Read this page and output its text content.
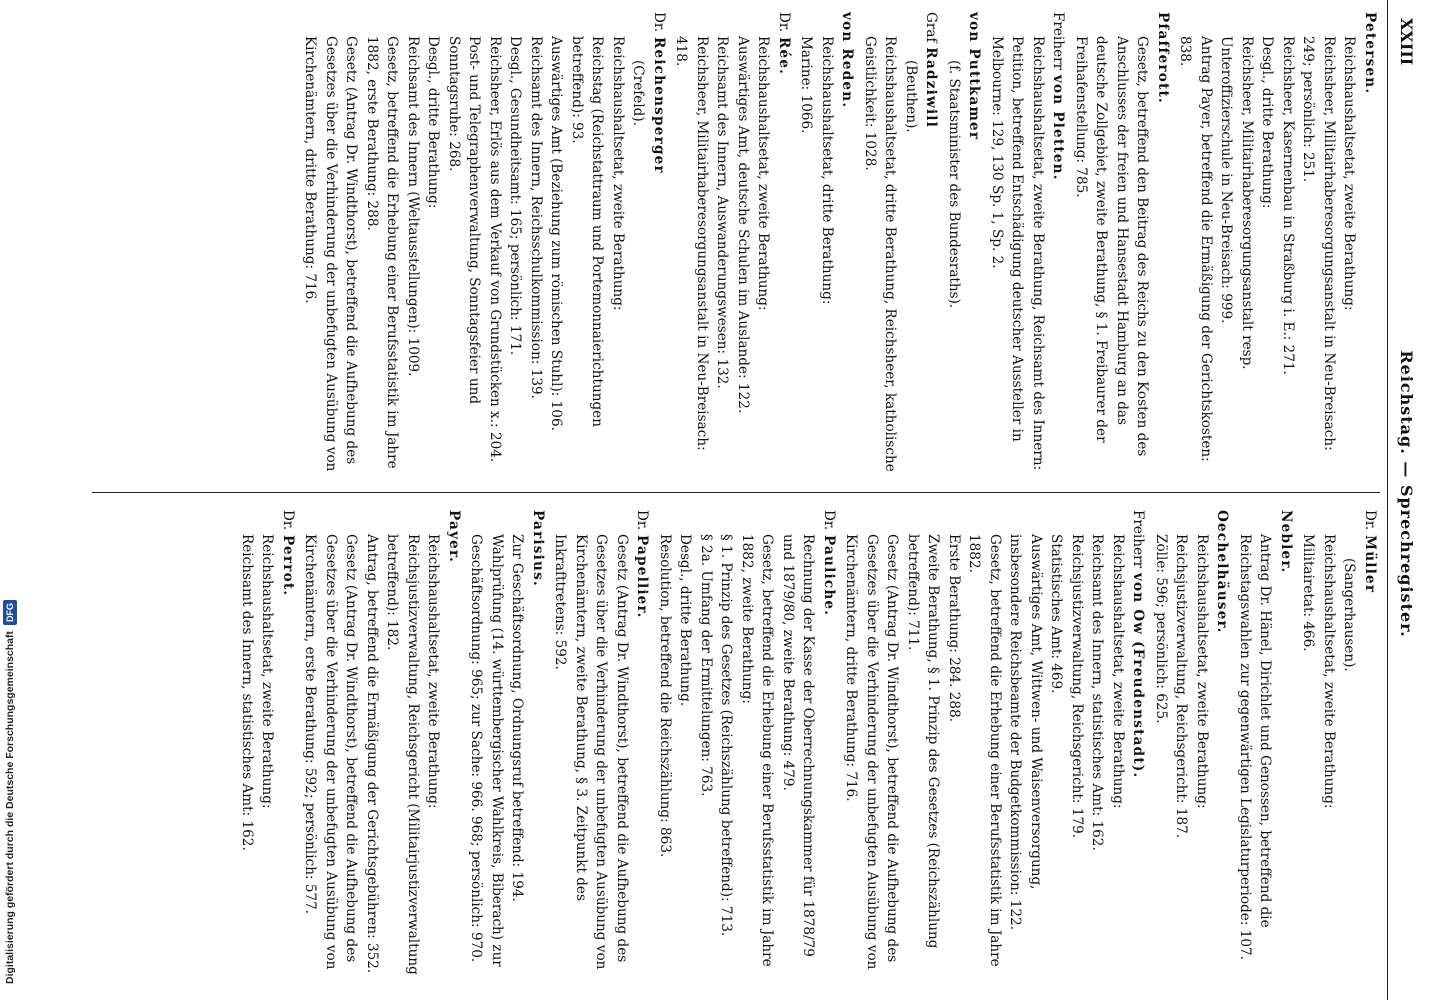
Reichstag. — Sprechregister.
XXIII
Petersen.
Reichshaushaltsetat, zweite Berathung:
Reichsheer, Militairhaberesorgungsanstalt in Neu-Breisach: 249; persönlich: 251.
Reichsheer, Kasernenbau in Straßburg i. E.: 271.
Desgl., dritte Berathung:
Reichsheer, Militairhaberesorgungsanstalt resp. Unteroffizierschule in Neu-Breisach: 999.
Antrag Payer, betreffend die Ermäßigung der Gerichtskosten: 838.
Pfafferott.
Gesetz, betreffend den Beitrag des Reichs zu den Kosten des Anschlusses der freien und Hansestadt Hamburg an das deutsche Zollgebiet, zweite Berathung, § 1. Freibaurer der Freihafenstellung: 785.
Freiherr von Pletten.
Reichshaushaltsetat, zweite Berathung, Reichsamt des Innern:
Petition, betreffend Entschädigung deutscher Aussteller in Melbourne: 129, 130 Sp. 1, Sp. 2.
von Puttkamer
(f. Staatsminister des Bundesraths).
Graf Radziwill
(Beuthen).
Reichshaushaltsetat, dritte Berathung, Reichsheer, katholische Geistlichkeit: 1028.
von Reden.
Reichshaushaltsetat, dritte Berathung:
Marine: 1066.
Dr. Rée.
Reichshaushaltsetat, zweite Berathung:
Auswärtiges Amt, deutsche Schulen im Auslande: 122.
Reichsamt des Innern, Auswanderungswesen: 132.
Reichsheer, Militairhaberesorgungsanstalt in Neu-Breisach: 418.
Dr. Reichensperger
(Crefeld).
Reichshaushaltsetat, zweite Berathung:
Reichstag (Reichstattraum und Portemonnaierichtungen betreffend): 93.
Auswärtiges Amt (Beziehung zum römischen Stuhl): 106.
Reichsamt des Innern, Reichsschulkommission: 139.
Desgl., Gesundheitsamt: 165; persönlich: 171.
Reichsheer, Erlös aus dem Verkauf von Grundstücken x.: 204.
Post- und Telegraphenverwaltung, Sonntagsfeier und Sonntagsruhe: 268.
Desgl., dritte Berathung:
Reichsamt des Innern (Weltausstellungen): 1009.
Gesetz, betreffend die Erhebung einer Berufsstatistik im Jahre 1882, erste Berathung: 288.
Gesetz (Antrag Dr. Windthorst), betreffend die Aufhebung des Gesetzes über die Verhinderung der unbefugten Ausübung von Kirchenämtern, dritte Berathung: 716.
Dr. Müller
(Sangerhausen).
Reichshaushaltsetat, zweite Berathung:
Militairetat: 466.
Nebler.
Antrag Dr. Hänel, Dirichlet und Genossen, betreffend die Reichstagswahlen zur gegenwärtigen Legislaturperiode: 107.
Oechelhäuser.
Reichshaushaltsetat, zweite Berathung:
Reichsjustizverwaltung, Reichsgericht: 187.
Zölle: 596; persönlich: 625.
Freiherr von Ow (Freudenstadt).
Reichshaushaltsetat, zweite Berathung:
Reichsamt des Innern, statistisches Amt: 162.
Reichsjustizverwaltung, Reichsgericht: 179.
Statistisches Amt: 469.
Auswärtiges Amt, Wittwen- und Waisenversorgung, insbesondere Reichsbeamte der Budgetkommission: 122.
Gesetz, betreffend die Erhebung einer Berufsstatistik im Jahre 1882.
Erste Berathung: 284. 288.
Zweite Berathung, § 1. Prinzip des Gesetzes (Reichszählung betreffend): 711.
Gesetz (Antrag Dr. Windthorst), betreffend die Aufhebung des Gesetzes über die Verhinderung der unbefugten Ausübung von Kirchenämtern, dritte Berathung: 716.
Dr. Pauliche.
Rechnung der Kasse der Oberrechnungskammer für 1878/79 und 1879/80, zweite Berathung: 479.
Gesetz, betreffend die Erhebung einer Berufsstatistik im Jahre 1882, zweite Berathung:
§ 1. Prinzip des Gesetzes (Reichszählung betreffend): 713.
§ 2a. Umfang der Ermittelungen: 763.
Desgl., dritte Berathung.
Resolution, betreffend die Reichszählung: 863.
Dr. Papellier.
Gesetz (Antrag Dr. Windthorst), betreffend die Aufhebung des Gesetzes über die Verhinderung der unbefugten Ausübung von Kirchenämtern, zweite Berathung, § 3. Zeitpunkt des Inkrafttretens: 592.
Parisius.
Zur Geschäftsordnung, Ordnungsruf betreffend: 194.
Wahlprüfung (14. württembergischer Wahlkreis, Biberach) zur Geschäftsordnung: 965; zur Sache: 966. 968; persönlich: 970.
Payer.
Reichshaushaltsetat, zweite Berathung:
Reichsjustizverwaltung, Reichsgericht (Militairjustizverwaltung betreffend): 182.
Antrag, betreffend die Ermäßigung der Gerichtsgebühren: 352.
Gesetz (Antrag Dr. Windthorst), betreffend die Aufhebung des Gesetzes über die Verhinderung der unbefugten Ausübung von Kirchenämtern, erste Berathung: 592; persönlich: 577.
Dr. Perrot.
Reichshaushaltsetat, zweite Berathung:
Reichsamt des Innern, statistisches Amt: 162.
Digitalisierung gefördert durch die Deutsche Forschungsgemeinschaft
DFG
